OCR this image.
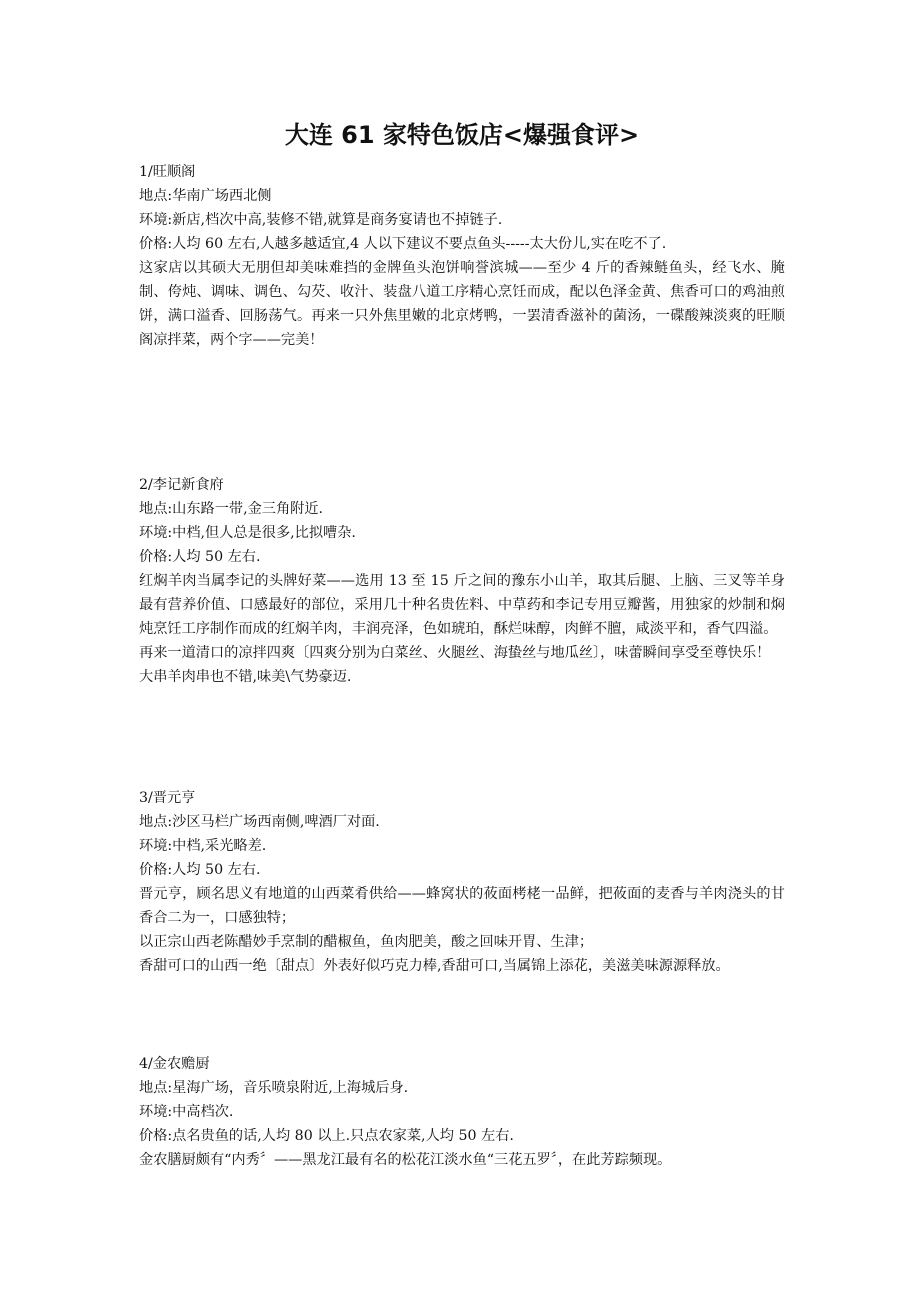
大连 61 家特色饭店<爆强食评>

1/旺顺阁

地点:华南广场西北侧

环境:新店,档次中高,装修不错,就算是商务宴请也不掉链子.

价格:人均 60 左右,人越多越适宜,4 人以下建议不要点鱼头-----太大份儿,实在吃不了.

这家店以其硕大无朋但却美味难挡的金牌鱼头泡饼响誉滨城——至少 4 斤的香辣鲢鱼头，经飞水、腌制、侉炖、调味、调色、勾芡、收汁、装盘八道工序精心烹饪而成，配以色泽金黄、焦香可口的鸡油煎饼，满口溢香、回肠荡气。再来一只外焦里嫩的北京烤鸭，一罢清香滋补的菌汤，一碟酸辣淡爽的旺顺阁凉拌菜，两个字——完美！

2/李记新食府

地点:山东路一带,金三角附近.

环境:中档,但人总是很多,比拟嘈杂.

价格:人均 50 左右.

红焖羊肉当属李记的头牌好菜——选用 13 至 15 斤之间的豫东小山羊，取其后腿、上脑、三叉等羊身最有营养价值、口感最好的部位，采用几十种名贵佐料、中草药和李记专用豆瓣酱，用独家的炒制和焖炖烹饪工序制作而成的红焖羊肉，丰润亮泽，色如琥珀，酥烂味醇，肉鲜不膻，咸淡平和，香气四溢。

再来一道清口的凉拌四爽〔四爽分别为白菜丝、火腿丝、海蛰丝与地瓜丝〕，味蕾瞬间享受至尊快乐！

大串羊肉串也不错,味美\气势豪迈.

3/晋元亨

地点:沙区马栏广场西南侧,啤酒厂对面.

环境:中档,采光略差.

价格:人均 50 左右.

晋元亨，顾名思义有地道的山西菜肴供给——蜂窝状的莜面栲栳一品鲜，把莜面的麦香与羊肉浇头的甘香合二为一，口感独特；

以正宗山西老陈醋妙手烹制的醋椒鱼，鱼肉肥美，酸之回味开胃、生津；

香甜可口的山西一绝〔甜点〕外表好似巧克力棒,香甜可口,当属锦上添花，美滋美味源源释放。

4/金农赡厨

地点:星海广场，音乐喷泉附近,上海城后身.

环境:中高档次.

价格:点名贵鱼的话,人均 80 以上.只点农家菜,人均 50 左右.

金农膳厨颇有“内秀〞——黑龙江最有名的松花江淡水鱼“三花五罗〞，在此芳踪频现。
